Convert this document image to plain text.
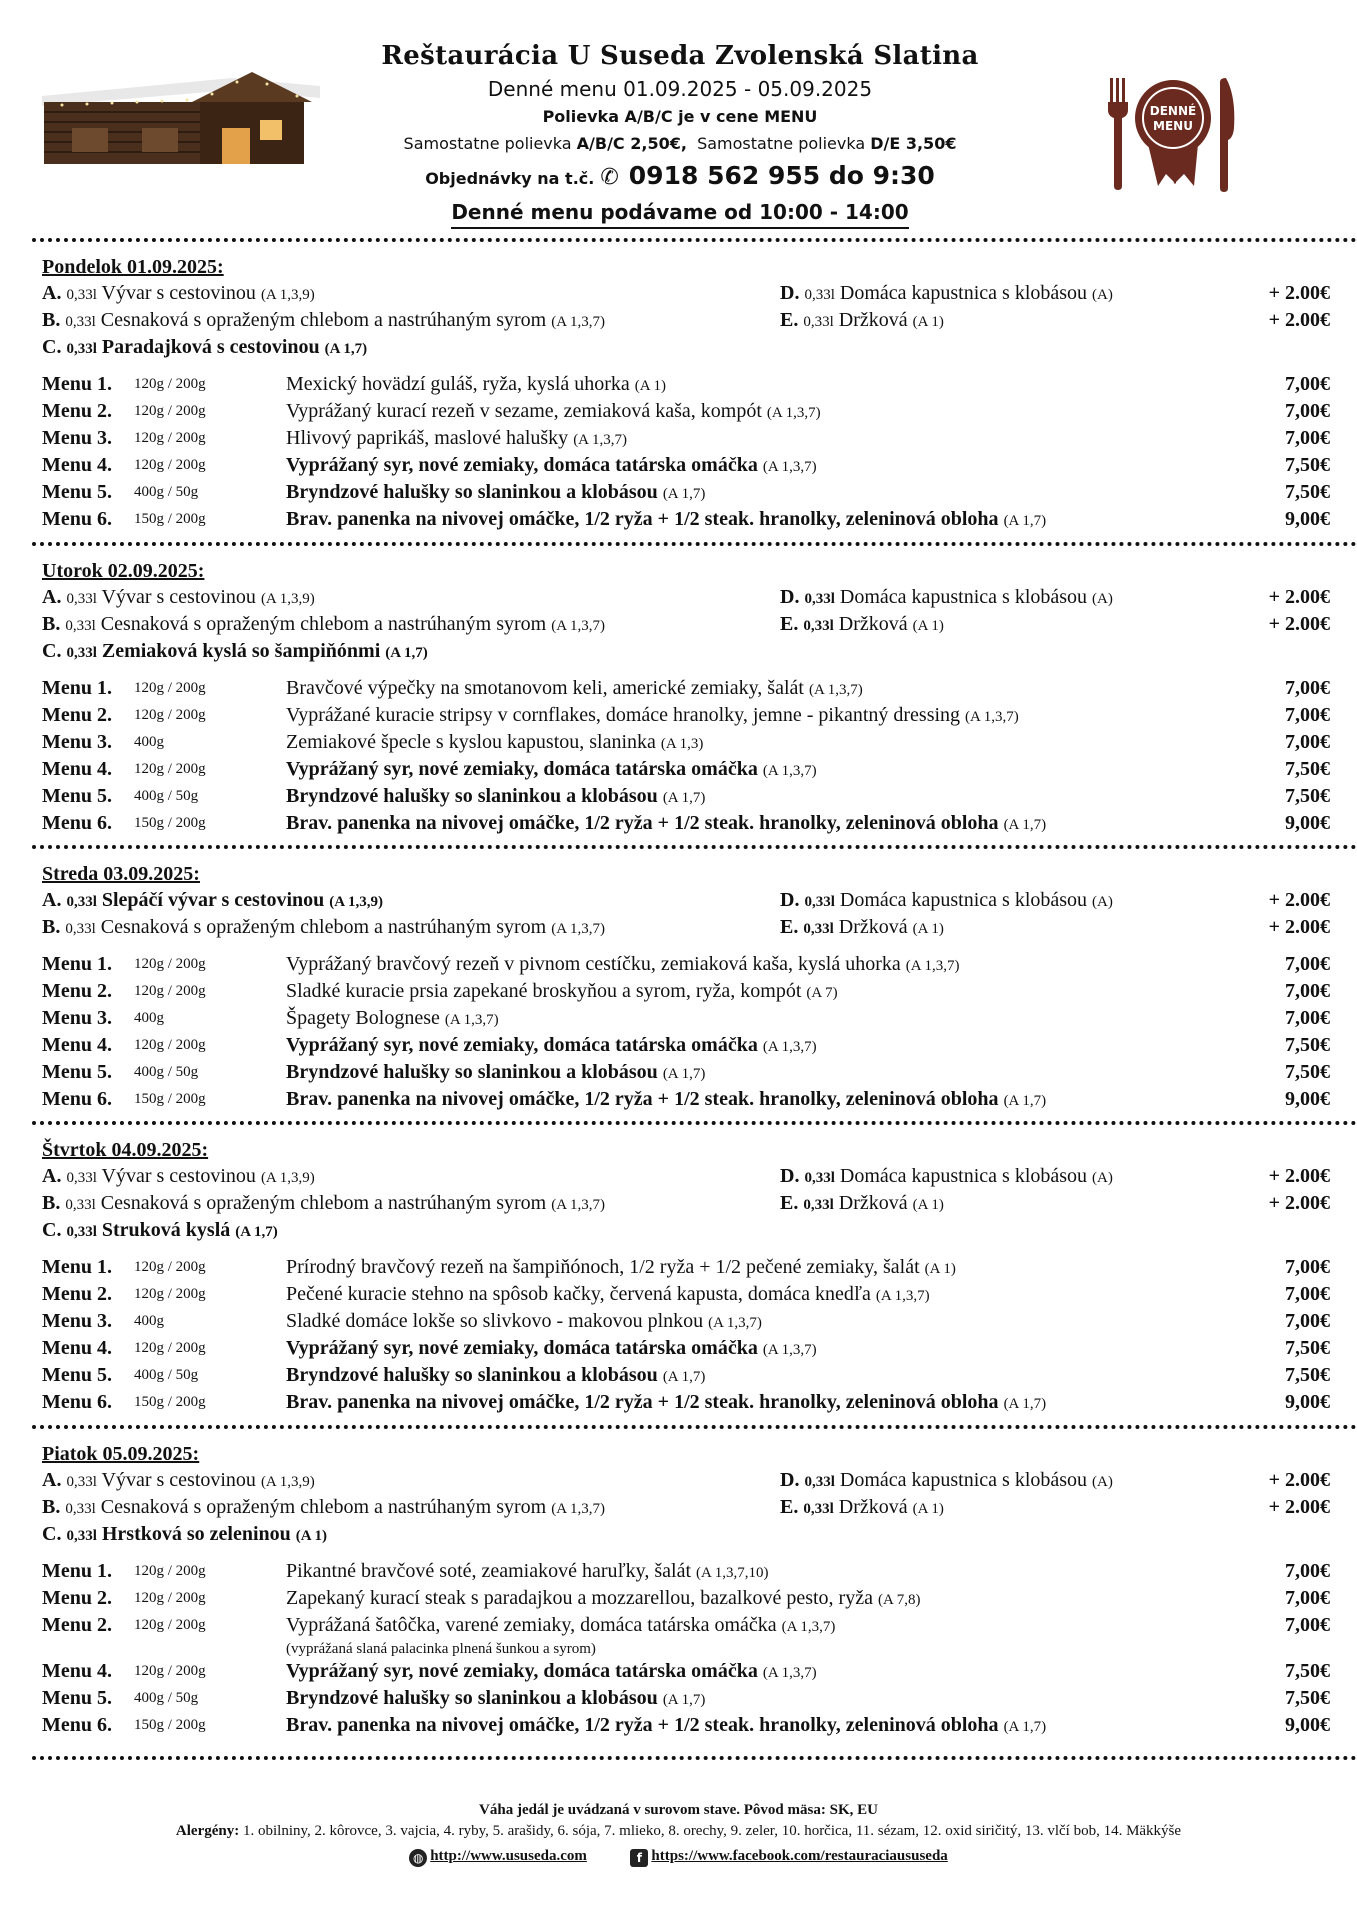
Reštaurácia U Suseda Zvolenská Slatina
Denné menu 01.09.2025 - 05.09.2025
Polievka A/B/C je v cene MENU
Samostatne polievka A/B/C 2,50€, Samostatne polievka D/E 3,50€
Objednávky na t.č. ✆ 0918 562 955 do 9:30
Denné menu podávame od 10:00 - 14:00
DENNÉ
MENU
Pondelok 01.09.2025:
A. 0,33l Vývar s cestovinou (A 1,3,9)	D. 0,33l Domáca kapustnica s klobásou (A)	+ 2.00€
B. 0,33l Cesnaková s opraženým chlebom a nastrúhaným syrom (A 1,3,7)	E. 0,33l Držková (A 1)	+ 2.00€
C. 0,33l Paradajková s cestovinou (A 1,7)
Menu 1. 120g / 200g	Mexický hovädzí guláš, ryža, kyslá uhorka (A 1)	7,00€
Menu 2. 120g / 200g	Vyprážaný kurací rezeň v sezame, zemiaková kaša, kompót (A 1,3,7)	7,00€
Menu 3. 120g / 200g	Hlivový paprikáš, maslové halušky (A 1,3,7)	7,00€
Menu 4. 120g / 200g	Vyprážaný syr, nové zemiaky, domáca tatárska omáčka (A 1,3,7)	7,50€
Menu 5. 400g / 50g	Bryndzové halušky so slaninkou a klobásou (A 1,7)	7,50€
Menu 6. 150g / 200g	Brav. panenka na nivovej omáčke, 1/2 ryža + 1/2 steak. hranolky, zeleninová obloha (A 1,7)	9,00€
Utorok 02.09.2025:
A. 0,33l Vývar s cestovinou (A 1,3,9)	D. 0,33l Domáca kapustnica s klobásou (A)	+ 2.00€
B. 0,33l Cesnaková s opraženým chlebom a nastrúhaným syrom (A 1,3,7)	E. 0,33l Držková (A 1)	+ 2.00€
C. 0,33l Zemiaková kyslá so šampiňónmi (A 1,7)
Menu 1. 120g / 200g	Bravčové výpečky na smotanovom keli, americké zemiaky, šalát (A 1,3,7)	7,00€
Menu 2. 120g / 200g	Vyprážané kuracie stripsy v cornflakes, domáce hranolky, jemne - pikantný dressing (A 1,3,7)	7,00€
Menu 3. 400g	Zemiakové špecle s kyslou kapustou, slaninka (A 1,3)	7,00€
Menu 4. 120g / 200g	Vyprážaný syr, nové zemiaky, domáca tatárska omáčka (A 1,3,7)	7,50€
Menu 5. 400g / 50g	Bryndzové halušky so slaninkou a klobásou (A 1,7)	7,50€
Menu 6. 150g / 200g	Brav. panenka na nivovej omáčke, 1/2 ryža + 1/2 steak. hranolky, zeleninová obloha (A 1,7)	9,00€
Streda 03.09.2025:
A. 0,33l Slepáčí vývar s cestovinou (A 1,3,9)	D. 0,33l Domáca kapustnica s klobásou (A)	+ 2.00€
B. 0,33l Cesnaková s opraženým chlebom a nastrúhaným syrom (A 1,3,7)	E. 0,33l Držková (A 1)	+ 2.00€
Menu 1. 120g / 200g	Vyprážaný bravčový rezeň v pivnom cestíčku, zemiaková kaša, kyslá uhorka (A 1,3,7)	7,00€
Menu 2. 120g / 200g	Sladké kuracie prsia zapekané broskyňou a syrom, ryža, kompót (A 7)	7,00€
Menu 3. 400g	Špagety Bolognese (A 1,3,7)	7,00€
Menu 4. 120g / 200g	Vyprážaný syr, nové zemiaky, domáca tatárska omáčka (A 1,3,7)	7,50€
Menu 5. 400g / 50g	Bryndzové halušky so slaninkou a klobásou (A 1,7)	7,50€
Menu 6. 150g / 200g	Brav. panenka na nivovej omáčke, 1/2 ryža + 1/2 steak. hranolky, zeleninová obloha (A 1,7)	9,00€
Štvrtok 04.09.2025:
A. 0,33l Vývar s cestovinou (A 1,3,9)	D. 0,33l Domáca kapustnica s klobásou (A)	+ 2.00€
B. 0,33l Cesnaková s opraženým chlebom a nastrúhaným syrom (A 1,3,7)	E. 0,33l Držková (A 1)	+ 2.00€
C. 0,33l Struková kyslá (A 1,7)
Menu 1. 120g / 200g	Prírodný bravčový rezeň na šampiňónoch, 1/2 ryža + 1/2 pečené zemiaky, šalát (A 1)	7,00€
Menu 2. 120g / 200g	Pečené kuracie stehno na spôsob kačky, červená kapusta, domáca knedľa (A 1,3,7)	7,00€
Menu 3. 400g	Sladké domáce lokše so slivkovo - makovou plnkou (A 1,3,7)	7,00€
Menu 4. 120g / 200g	Vyprážaný syr, nové zemiaky, domáca tatárska omáčka (A 1,3,7)	7,50€
Menu 5. 400g / 50g	Bryndzové halušky so slaninkou a klobásou (A 1,7)	7,50€
Menu 6. 150g / 200g	Brav. panenka na nivovej omáčke, 1/2 ryža + 1/2 steak. hranolky, zeleninová obloha (A 1,7)	9,00€
Piatok 05.09.2025:
A. 0,33l Vývar s cestovinou (A 1,3,9)	D. 0,33l Domáca kapustnica s klobásou (A)	+ 2.00€
B. 0,33l Cesnaková s opraženým chlebom a nastrúhaným syrom (A 1,3,7)	E. 0,33l Držková (A 1)	+ 2.00€
C. 0,33l Hrstková so zeleninou (A 1)
Menu 1. 120g / 200g	Pikantné bravčové soté, zeamiakové haruľky, šalát (A 1,3,7,10)	7,00€
Menu 2. 120g / 200g	Zapekaný kurací steak s paradajkou a mozzarellou, bazalkové pesto, ryža (A 7,8)	7,00€
Menu 2. 120g / 200g	Vyprážaná šatôčka, varené zemiaky, domáca tatárska omáčka (A 1,3,7)	7,00€
(vyprážaná slaná palacinka plnená šunkou a syrom)
Menu 4. 120g / 200g	Vyprážaný syr, nové zemiaky, domáca tatárska omáčka (A 1,3,7)	7,50€
Menu 5. 400g / 50g	Bryndzové halušky so slaninkou a klobásou (A 1,7)	7,50€
Menu 6. 150g / 200g	Brav. panenka na nivovej omáčke, 1/2 ryža + 1/2 steak. hranolky, zeleninová obloha (A 1,7)	9,00€
Váha jedál je uvádzaná v surovom stave. Pôvod mäsa: SK, EU
Alergény: 1. obilniny, 2. kôrovce, 3. vajcia, 4. ryby, 5. arašidy, 6. sója, 7. mlieko, 8. orechy, 9. zeler, 10. horčica, 11. sézam, 12. oxid siričitý, 13. vlčí bob, 14. Mäkkýše
◍ http://www.ususeda.com	f https://www.facebook.com/restauraciaususeda
